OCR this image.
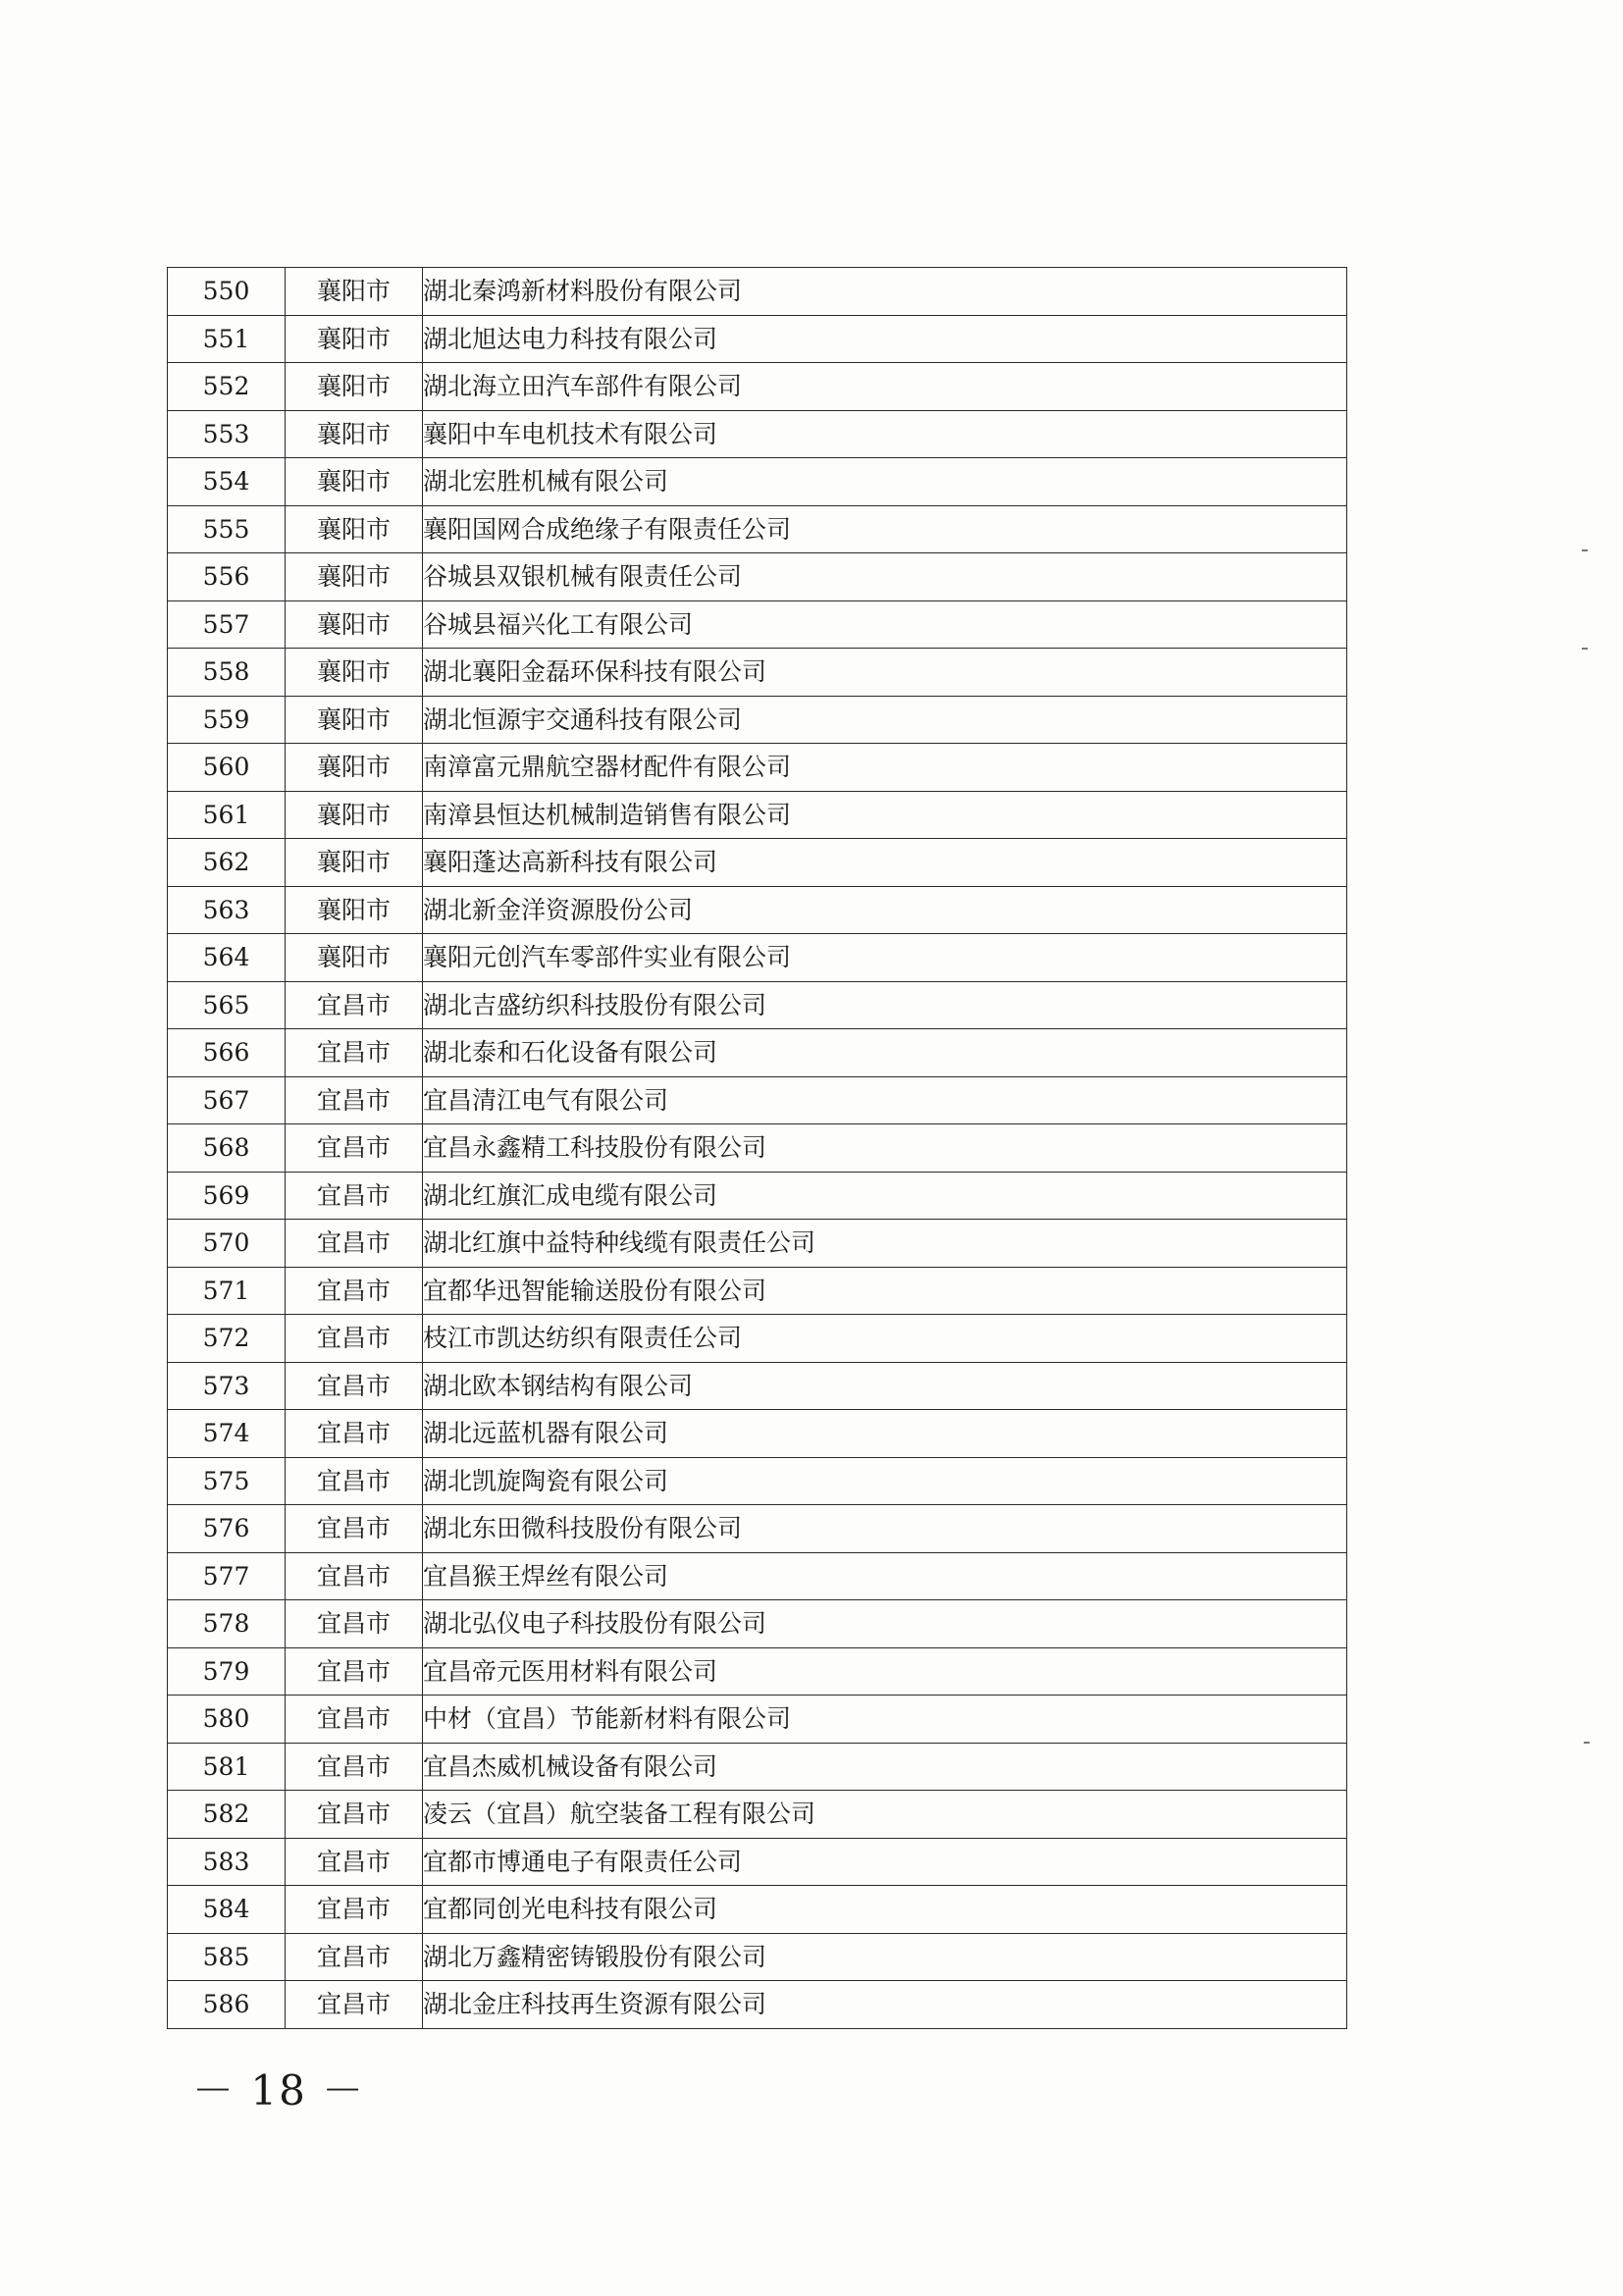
550	襄阳市	湖北秦鸿新材料股份有限公司
551	襄阳市	湖北旭达电力科技有限公司
552	襄阳市	湖北海立田汽车部件有限公司
553	襄阳市	襄阳中车电机技术有限公司
554	襄阳市	湖北宏胜机械有限公司
555	襄阳市	襄阳国网合成绝缘子有限责任公司
556	襄阳市	谷城县双银机械有限责任公司
557	襄阳市	谷城县福兴化工有限公司
558	襄阳市	湖北襄阳金磊环保科技有限公司
559	襄阳市	湖北恒源宇交通科技有限公司
560	襄阳市	南漳富元鼎航空器材配件有限公司
561	襄阳市	南漳县恒达机械制造销售有限公司
562	襄阳市	襄阳蓬达高新科技有限公司
563	襄阳市	湖北新金洋资源股份公司
564	襄阳市	襄阳元创汽车零部件实业有限公司
565	宜昌市	湖北吉盛纺织科技股份有限公司
566	宜昌市	湖北泰和石化设备有限公司
567	宜昌市	宜昌清江电气有限公司
568	宜昌市	宜昌永鑫精工科技股份有限公司
569	宜昌市	湖北红旗汇成电缆有限公司
570	宜昌市	湖北红旗中益特种线缆有限责任公司
571	宜昌市	宜都华迅智能输送股份有限公司
572	宜昌市	枝江市凯达纺织有限责任公司
573	宜昌市	湖北欧本钢结构有限公司
574	宜昌市	湖北远蓝机器有限公司
575	宜昌市	湖北凯旋陶瓷有限公司
576	宜昌市	湖北东田微科技股份有限公司
577	宜昌市	宜昌猴王焊丝有限公司
578	宜昌市	湖北弘仪电子科技股份有限公司
579	宜昌市	宜昌帝元医用材料有限公司
580	宜昌市	中材（宜昌）节能新材料有限公司
581	宜昌市	宜昌杰威机械设备有限公司
582	宜昌市	凌云（宜昌）航空装备工程有限公司
583	宜昌市	宜都市博通电子有限责任公司
584	宜昌市	宜都同创光电科技有限公司
585	宜昌市	湖北万鑫精密铸锻股份有限公司
586	宜昌市	湖北金庄科技再生资源有限公司
－ 18 －
